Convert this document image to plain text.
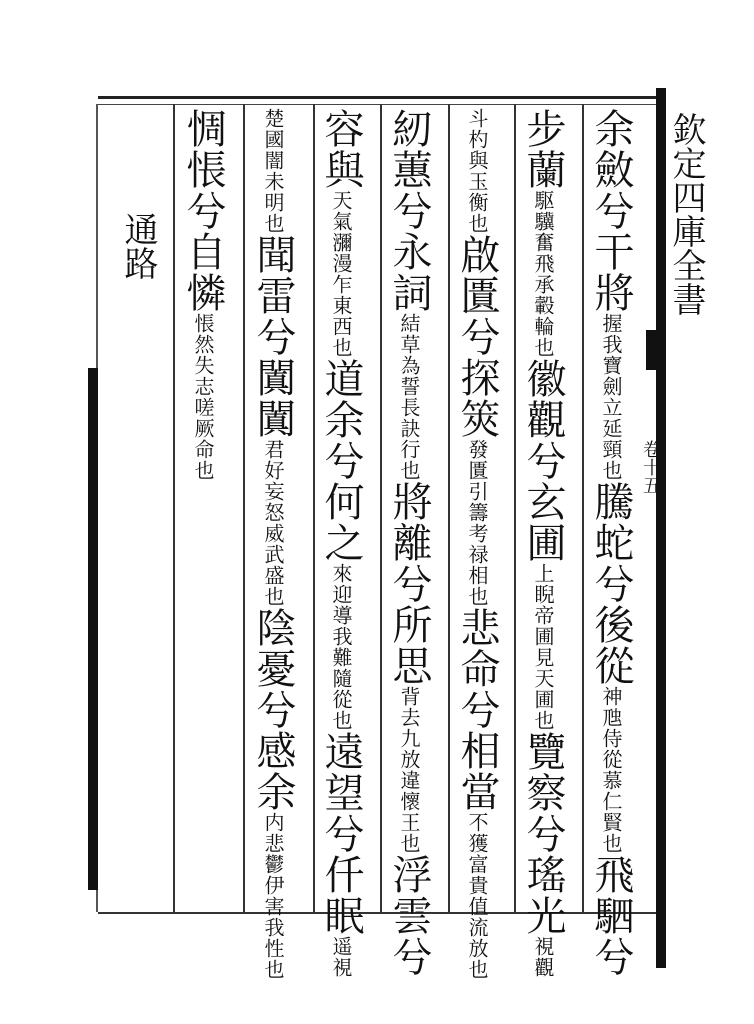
欽定四庫全書
卷十五
通路	余斂兮干將握我寶劍立延頸也騰蛇兮後從神虺侍從慕仁賢也飛駟兮
步蘭駆驥奮飛承轂輪也徽觀兮玄圃上睨帝圃見天圃也覽察兮瑤光視觀
斗杓與玉衡也啟匱兮探筴發匱引籌考禄相也悲命兮相當不獲富貴值流放也
紉蕙兮永詞結草為誓長訣行也將離兮所思背去九放違懷王也浮雲兮
容與天氣瀰漫乍東西也道余兮何之來迎導我難隨從也遠望兮仟眠遥視
楚國闇未明也聞雷兮闐闐君好妄怒威武盛也陰憂兮感余内悲鬱伊害我性也
惆悵兮自憐悵然失志嗟厥命也
